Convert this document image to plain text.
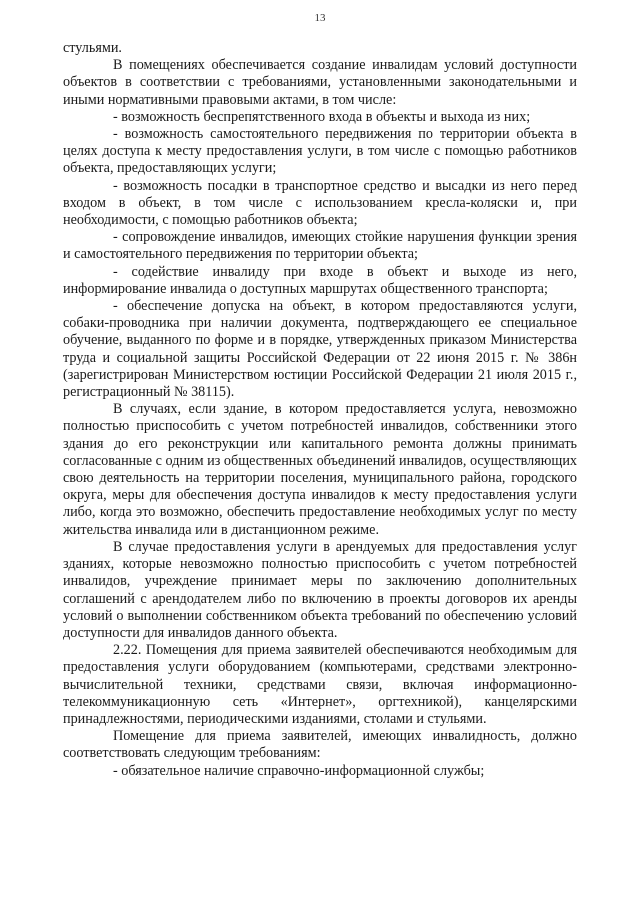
13

стульями.

В помещениях обеспечивается создание инвалидам условий доступности объектов в соответствии с требованиями, установленными законодательными и иными нормативными правовыми актами, в том числе:

- возможность беспрепятственного входа в объекты и выхода из них;

- возможность самостоятельного передвижения по территории объекта в целях доступа к месту предоставления услуги, в том числе с помощью работников объекта, предоставляющих услуги;

- возможность посадки в транспортное средство и высадки из него перед входом в объект, в том числе с использованием кресла-коляски и, при необходимости, с помощью работников объекта;

- сопровождение инвалидов, имеющих стойкие нарушения функции зрения и самостоятельного передвижения по территории объекта;

- содействие инвалиду при входе в объект и выходе из него, информирование инвалида о доступных маршрутах общественного транспорта;

- обеспечение допуска на объект, в котором предоставляются услуги, собаки-проводника при наличии документа, подтверждающего ее специальное обучение, выданного по форме и в порядке, утвержденных приказом Министерства труда и социальной защиты Российской Федерации от 22 июня 2015 г. № 386н (зарегистрирован Министерством юстиции Российской Федерации 21 июля 2015 г., регистрационный № 38115).

В случаях, если здание, в котором предоставляется услуга, невозможно полностью приспособить с учетом потребностей инвалидов, собственники этого здания до его реконструкции или капитального ремонта должны принимать согласованные с одним из общественных объединений инвалидов, осуществляющих свою деятельность на территории поселения, муниципального района, городского округа, меры для обеспечения доступа инвалидов к месту предоставления услуги либо, когда это возможно, обеспечить предоставление необходимых услуг по месту жительства инвалида или в дистанционном режиме.

В случае предоставления услуги в арендуемых для предоставления услуг зданиях, которые невозможно полностью приспособить с учетом потребностей инвалидов, учреждение принимает меры по заключению дополнительных соглашений с арендодателем либо по включению в проекты договоров их аренды условий о выполнении собственником объекта требований по обеспечению условий доступности для инвалидов данного объекта.

2.22. Помещения для приема заявителей обеспечиваются необходимым для предоставления услуги оборудованием (компьютерами, средствами электронно-вычислительной техники, средствами связи, включая информационно-телекоммуникационную сеть «Интернет», оргтехникой), канцелярскими принадлежностями, периодическими изданиями, столами и стульями.

Помещение для приема заявителей, имеющих инвалидность, должно соответствовать следующим требованиям:

- обязательное наличие справочно-информационной службы;
